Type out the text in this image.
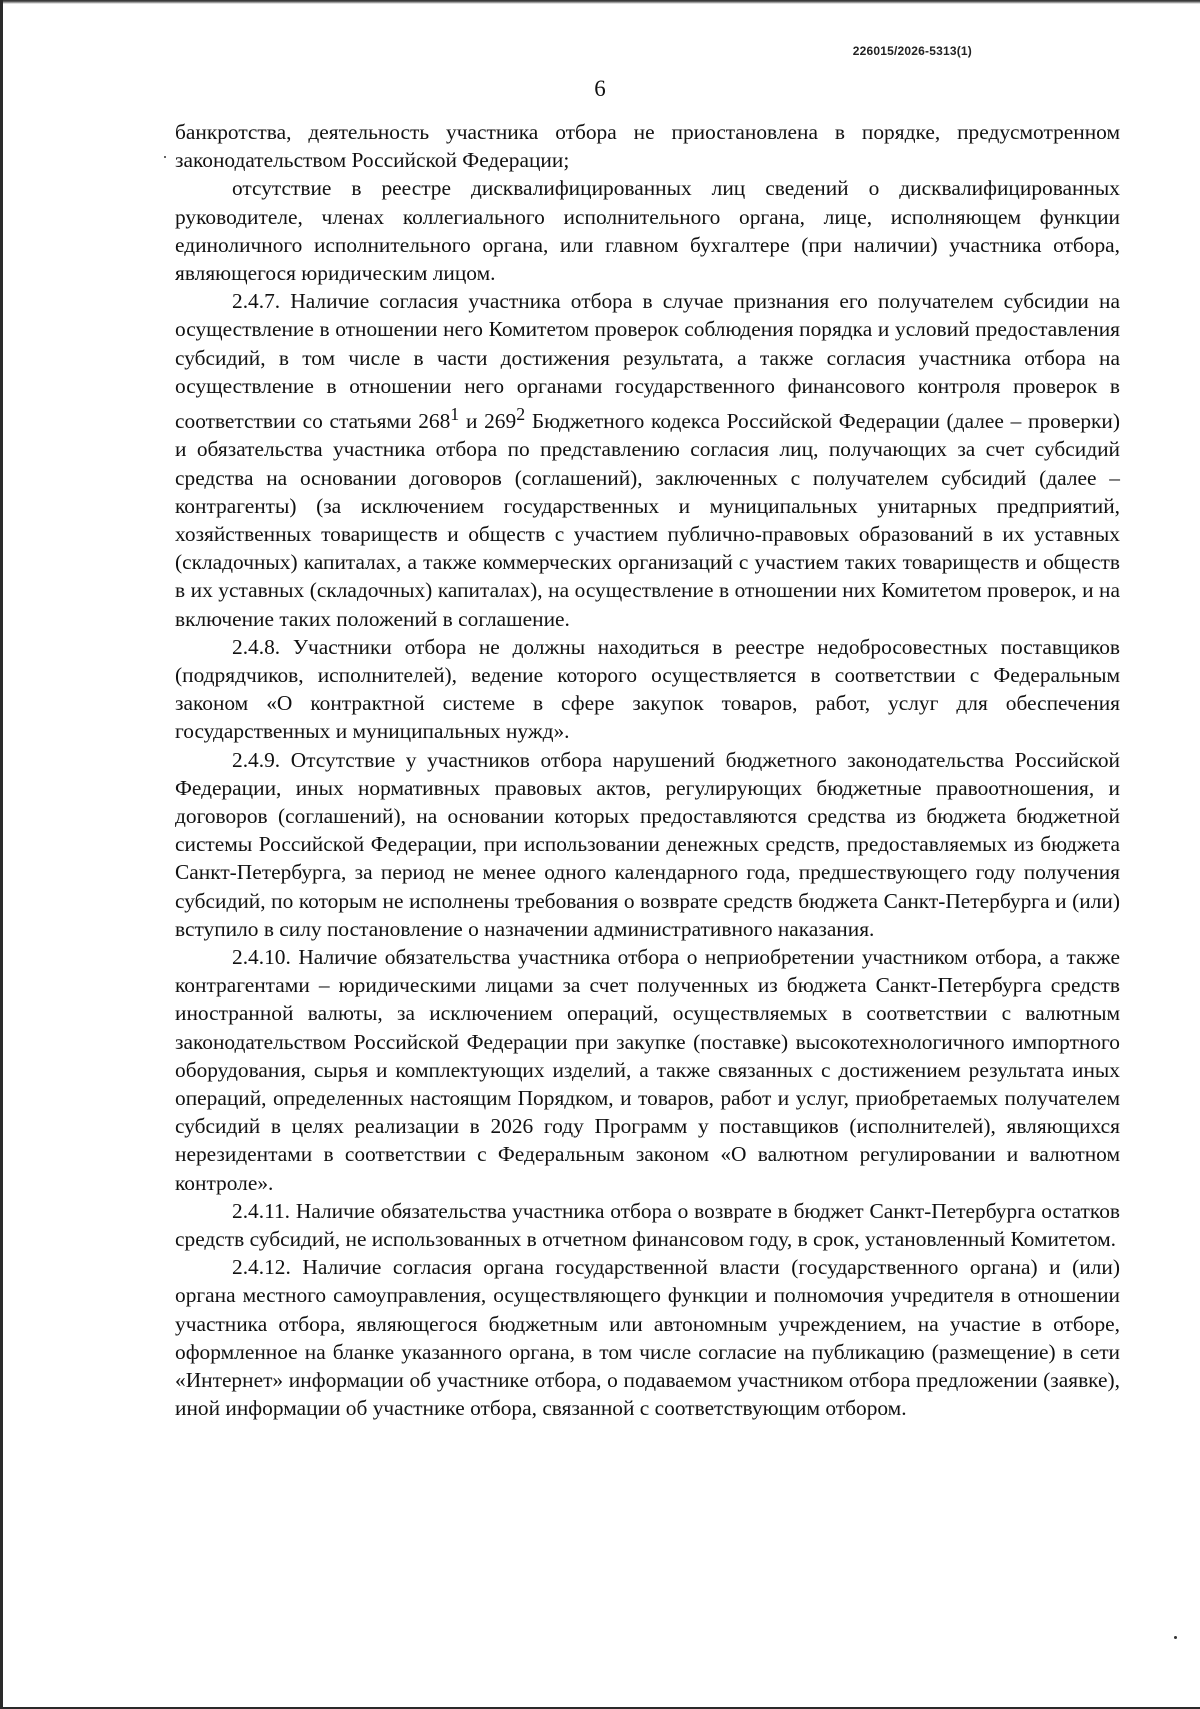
226015/2026-5313(1)
6

банкротства, деятельность участника отбора не приостановлена в порядке, предусмотренном законодательством Российской Федерации;

отсутствие в реестре дисквалифицированных лиц сведений о дисквалифицированных руководителе, членах коллегиального исполнительного органа, лице, исполняющем функции единоличного исполнительного органа, или главном бухгалтере (при наличии) участника отбора, являющегося юридическим лицом.

2.4.7. Наличие согласия участника отбора в случае признания его получателем субсидии на осуществление в отношении него Комитетом проверок соблюдения порядка и условий предоставления субсидий, в том числе в части достижения результата, а также согласия участника отбора на осуществление в отношении него органами государственного финансового контроля проверок в соответствии со статьями $268^1$ и $269^2$ Бюджетного кодекса Российской Федерации (далее – проверки) и обязательства участника отбора по представлению согласия лиц, получающих за счет субсидий средства на основании договоров (соглашений), заключенных с получателем субсидий (далее – контрагенты) (за исключением государственных и муниципальных унитарных предприятий, хозяйственных товариществ и обществ с участием публично-правовых образований в их уставных (складочных) капиталах, а также коммерческих организаций с участием таких товариществ и обществ в их уставных (складочных) капиталах), на осуществление в отношении них Комитетом проверок, и на включение таких положений в соглашение.

2.4.8. Участники отбора не должны находиться в реестре недобросовестных поставщиков (подрядчиков, исполнителей), ведение которого осуществляется в соответствии с Федеральным законом «О контрактной системе в сфере закупок товаров, работ, услуг для обеспечения государственных и муниципальных нужд».

2.4.9. Отсутствие у участников отбора нарушений бюджетного законодательства Российской Федерации, иных нормативных правовых актов, регулирующих бюджетные правоотношения, и договоров (соглашений), на основании которых предоставляются средства из бюджета бюджетной системы Российской Федерации, при использовании денежных средств, предоставляемых из бюджета Санкт-Петербурга, за период не менее одного календарного года, предшествующего году получения субсидий, по которым не исполнены требования о возврате средств бюджета Санкт-Петербурга и (или) вступило в силу постановление о назначении административного наказания.

2.4.10. Наличие обязательства участника отбора о неприобретении участником отбора, а также контрагентами – юридическими лицами за счет полученных из бюджета Санкт-Петербурга средств иностранной валюты, за исключением операций, осуществляемых в соответствии с валютным законодательством Российской Федерации при закупке (поставке) высокотехнологичного импортного оборудования, сырья и комплектующих изделий, а также связанных с достижением результата иных операций, определенных настоящим Порядком, и товаров, работ и услуг, приобретаемых получателем субсидий в целях реализации в 2026 году Программ у поставщиков (исполнителей), являющихся нерезидентами в соответствии с Федеральным законом «О валютном регулировании и валютном контроле».

2.4.11. Наличие обязательства участника отбора о возврате в бюджет Санкт-Петербурга остатков средств субсидий, не использованных в отчетном финансовом году, в срок, установленный Комитетом.

2.4.12. Наличие согласия органа государственной власти (государственного органа) и (или) органа местного самоуправления, осуществляющего функции и полномочия учредителя в отношении участника отбора, являющегося бюджетным или автономным учреждением, на участие в отборе, оформленное на бланке указанного органа, в том числе согласие на публикацию (размещение) в сети «Интернет» информации об участнике отбора, о подаваемом участником отбора предложении (заявке), иной информации об участнике отбора, связанной с соответствующим отбором.
